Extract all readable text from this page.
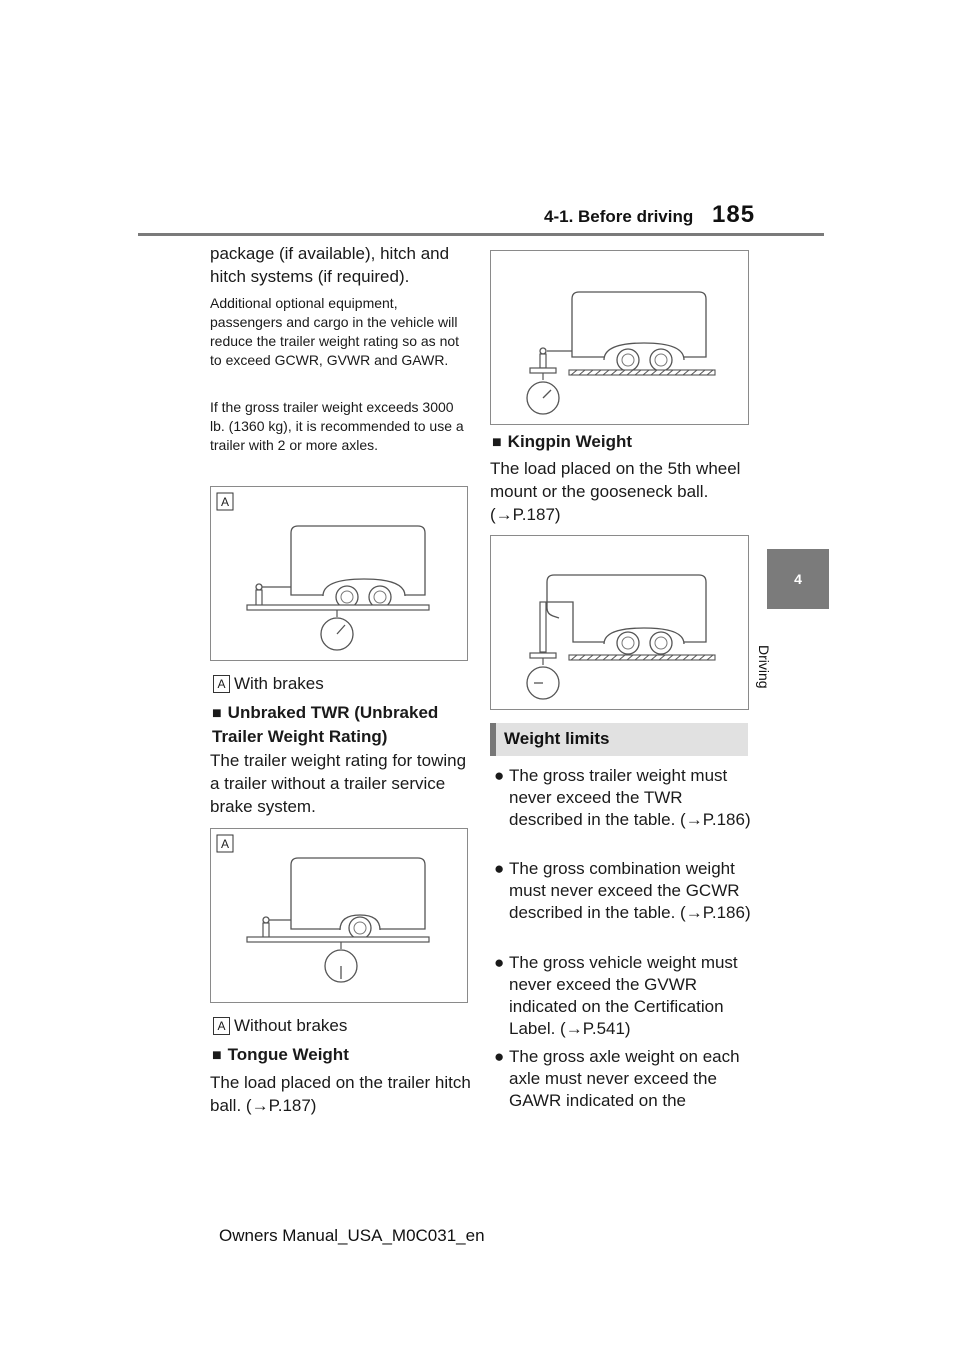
4-1. Before driving 185
4
Driving
package (if available), hitch and hitch systems (if required).
Additional optional equipment, passengers and cargo in the vehicle will reduce the trailer weight rating so as not to exceed GCWR, GVWR and GAWR.
If the gross trailer weight exceeds 3000 lb. (1360 kg), it is recommended to use a trailer with 2 or more axles.
A
A With brakes
■ Unbraked TWR (Unbraked Trailer Weight Rating)
The trailer weight rating for towing a trailer without a trailer service brake system.
A
A Without brakes
■ Tongue Weight
The load placed on the trailer hitch ball. (→P.187)
■ Kingpin Weight
The load placed on the 5th wheel mount or the gooseneck ball. (→P.187)
Weight limits
● The gross trailer weight must never exceed the TWR described in the table. (→P.186)
● The gross combination weight must never exceed the GCWR described in the table. (→P.186)
● The gross vehicle weight must never exceed the GVWR indicated on the Certification Label. (→P.541)
● The gross axle weight on each axle must never exceed the GAWR indicated on the
Owners Manual_USA_M0C031_en
